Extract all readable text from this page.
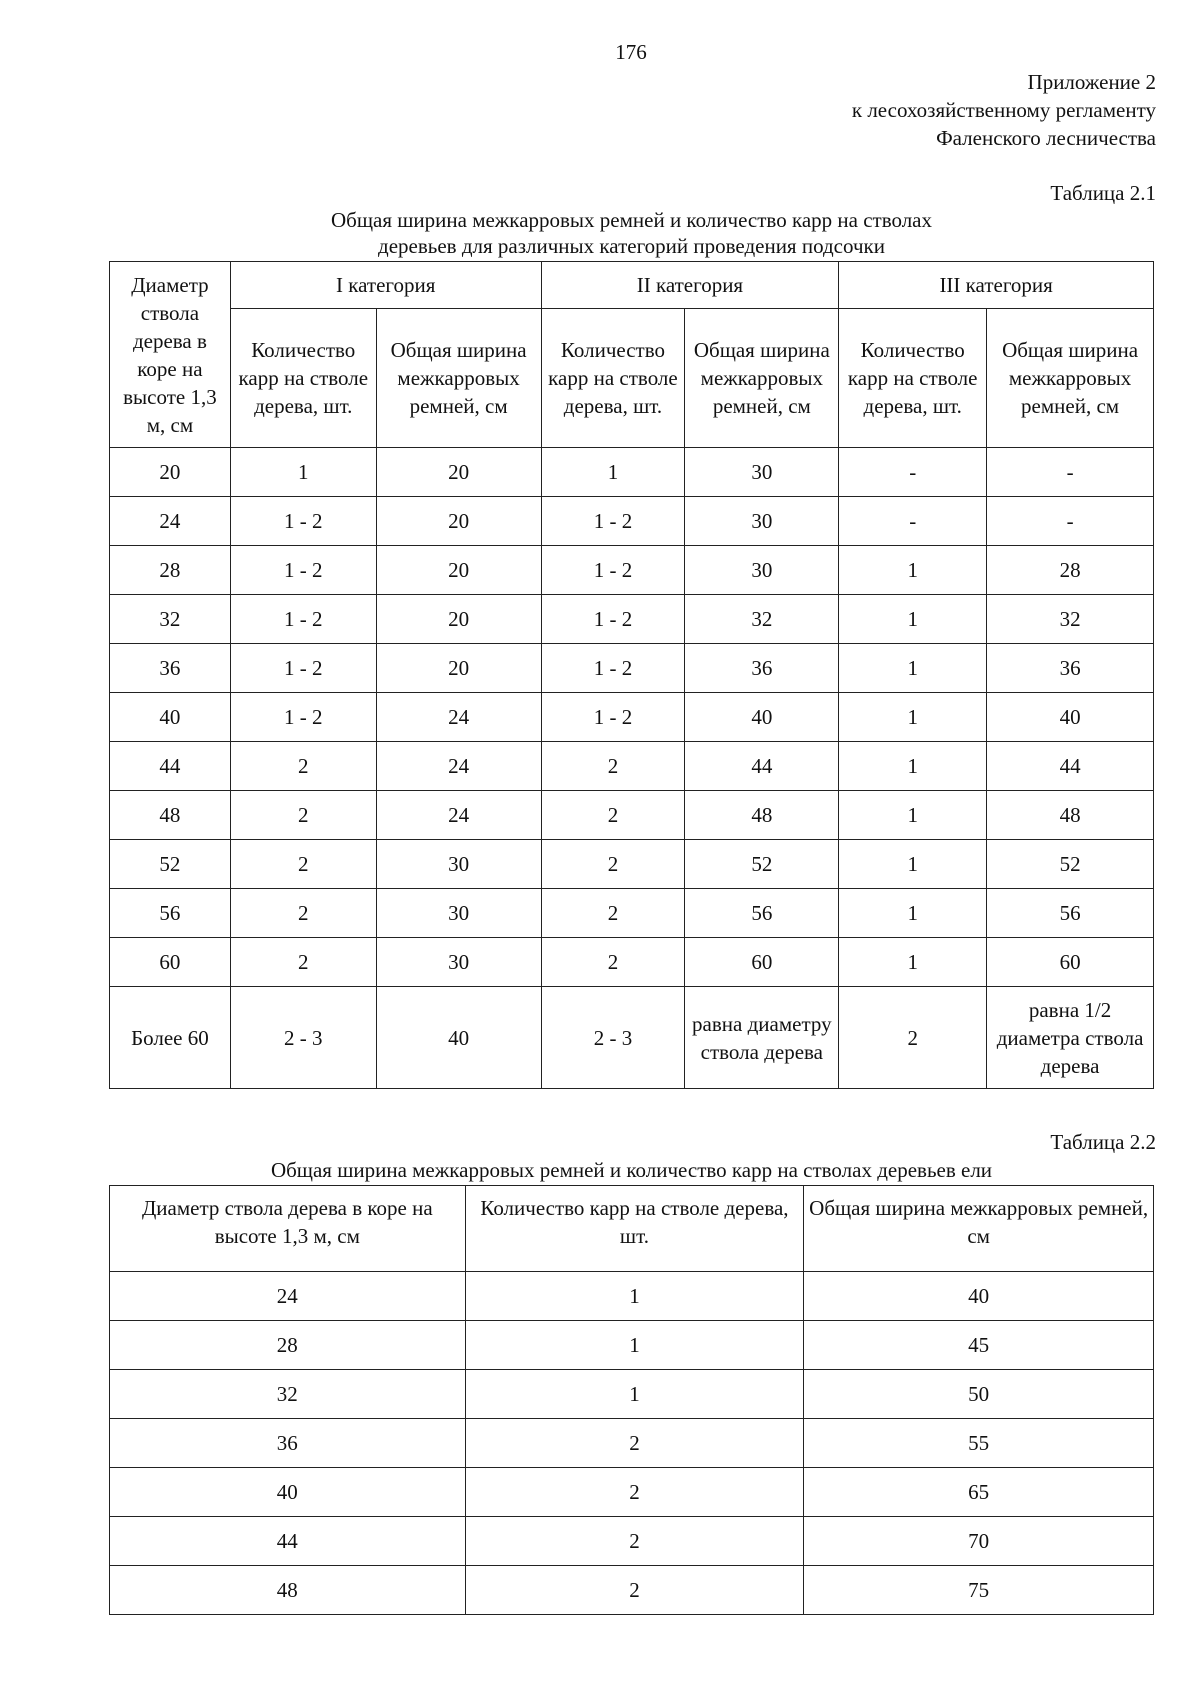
176
Приложение 2
к лесохозяйственному регламенту
Фаленского лесничества
Таблица 2.1
Общая ширина межкарровых ремней и количество карр на стволах
деревьев для различных категорий проведения подсочки
Диаметр ствола дерева в коре на высоте 1,3 м, см	I категория		II категория		III категория	
	Количество карр на стволе дерева, шт.	Общая ширина межкарровых ремней, см	Количество карр на стволе дерева, шт.	Общая ширина межкарровых ремней, см	Количество карр на стволе дерева, шт.	Общая ширина межкарровых ремней, см
20	1	20	1	30	-	-
24	1 - 2	20	1 - 2	30	-	-
28	1 - 2	20	1 - 2	30	1	28
32	1 - 2	20	1 - 2	32	1	32
36	1 - 2	20	1 - 2	36	1	36
40	1 - 2	24	1 - 2	40	1	40
44	2	24	2	44	1	44
48	2	24	2	48	1	48
52	2	30	2	52	1	52
56	2	30	2	56	1	56
60	2	30	2	60	1	60
Более 60	2 - 3	40	2 - 3	равна диаметру ствола дерева	2	равна 1/2 диаметра ствола дерева
Таблица 2.2
Общая ширина межкарровых ремней и количество карр на стволах деревьев ели
Диаметр ствола дерева в коре на высоте 1,3 м, см	Количество карр на стволе дерева, шт.	Общая ширина межкарровых ремней, см
24	1	40
28	1	45
32	1	50
36	2	55
40	2	65
44	2	70
48	2	75
